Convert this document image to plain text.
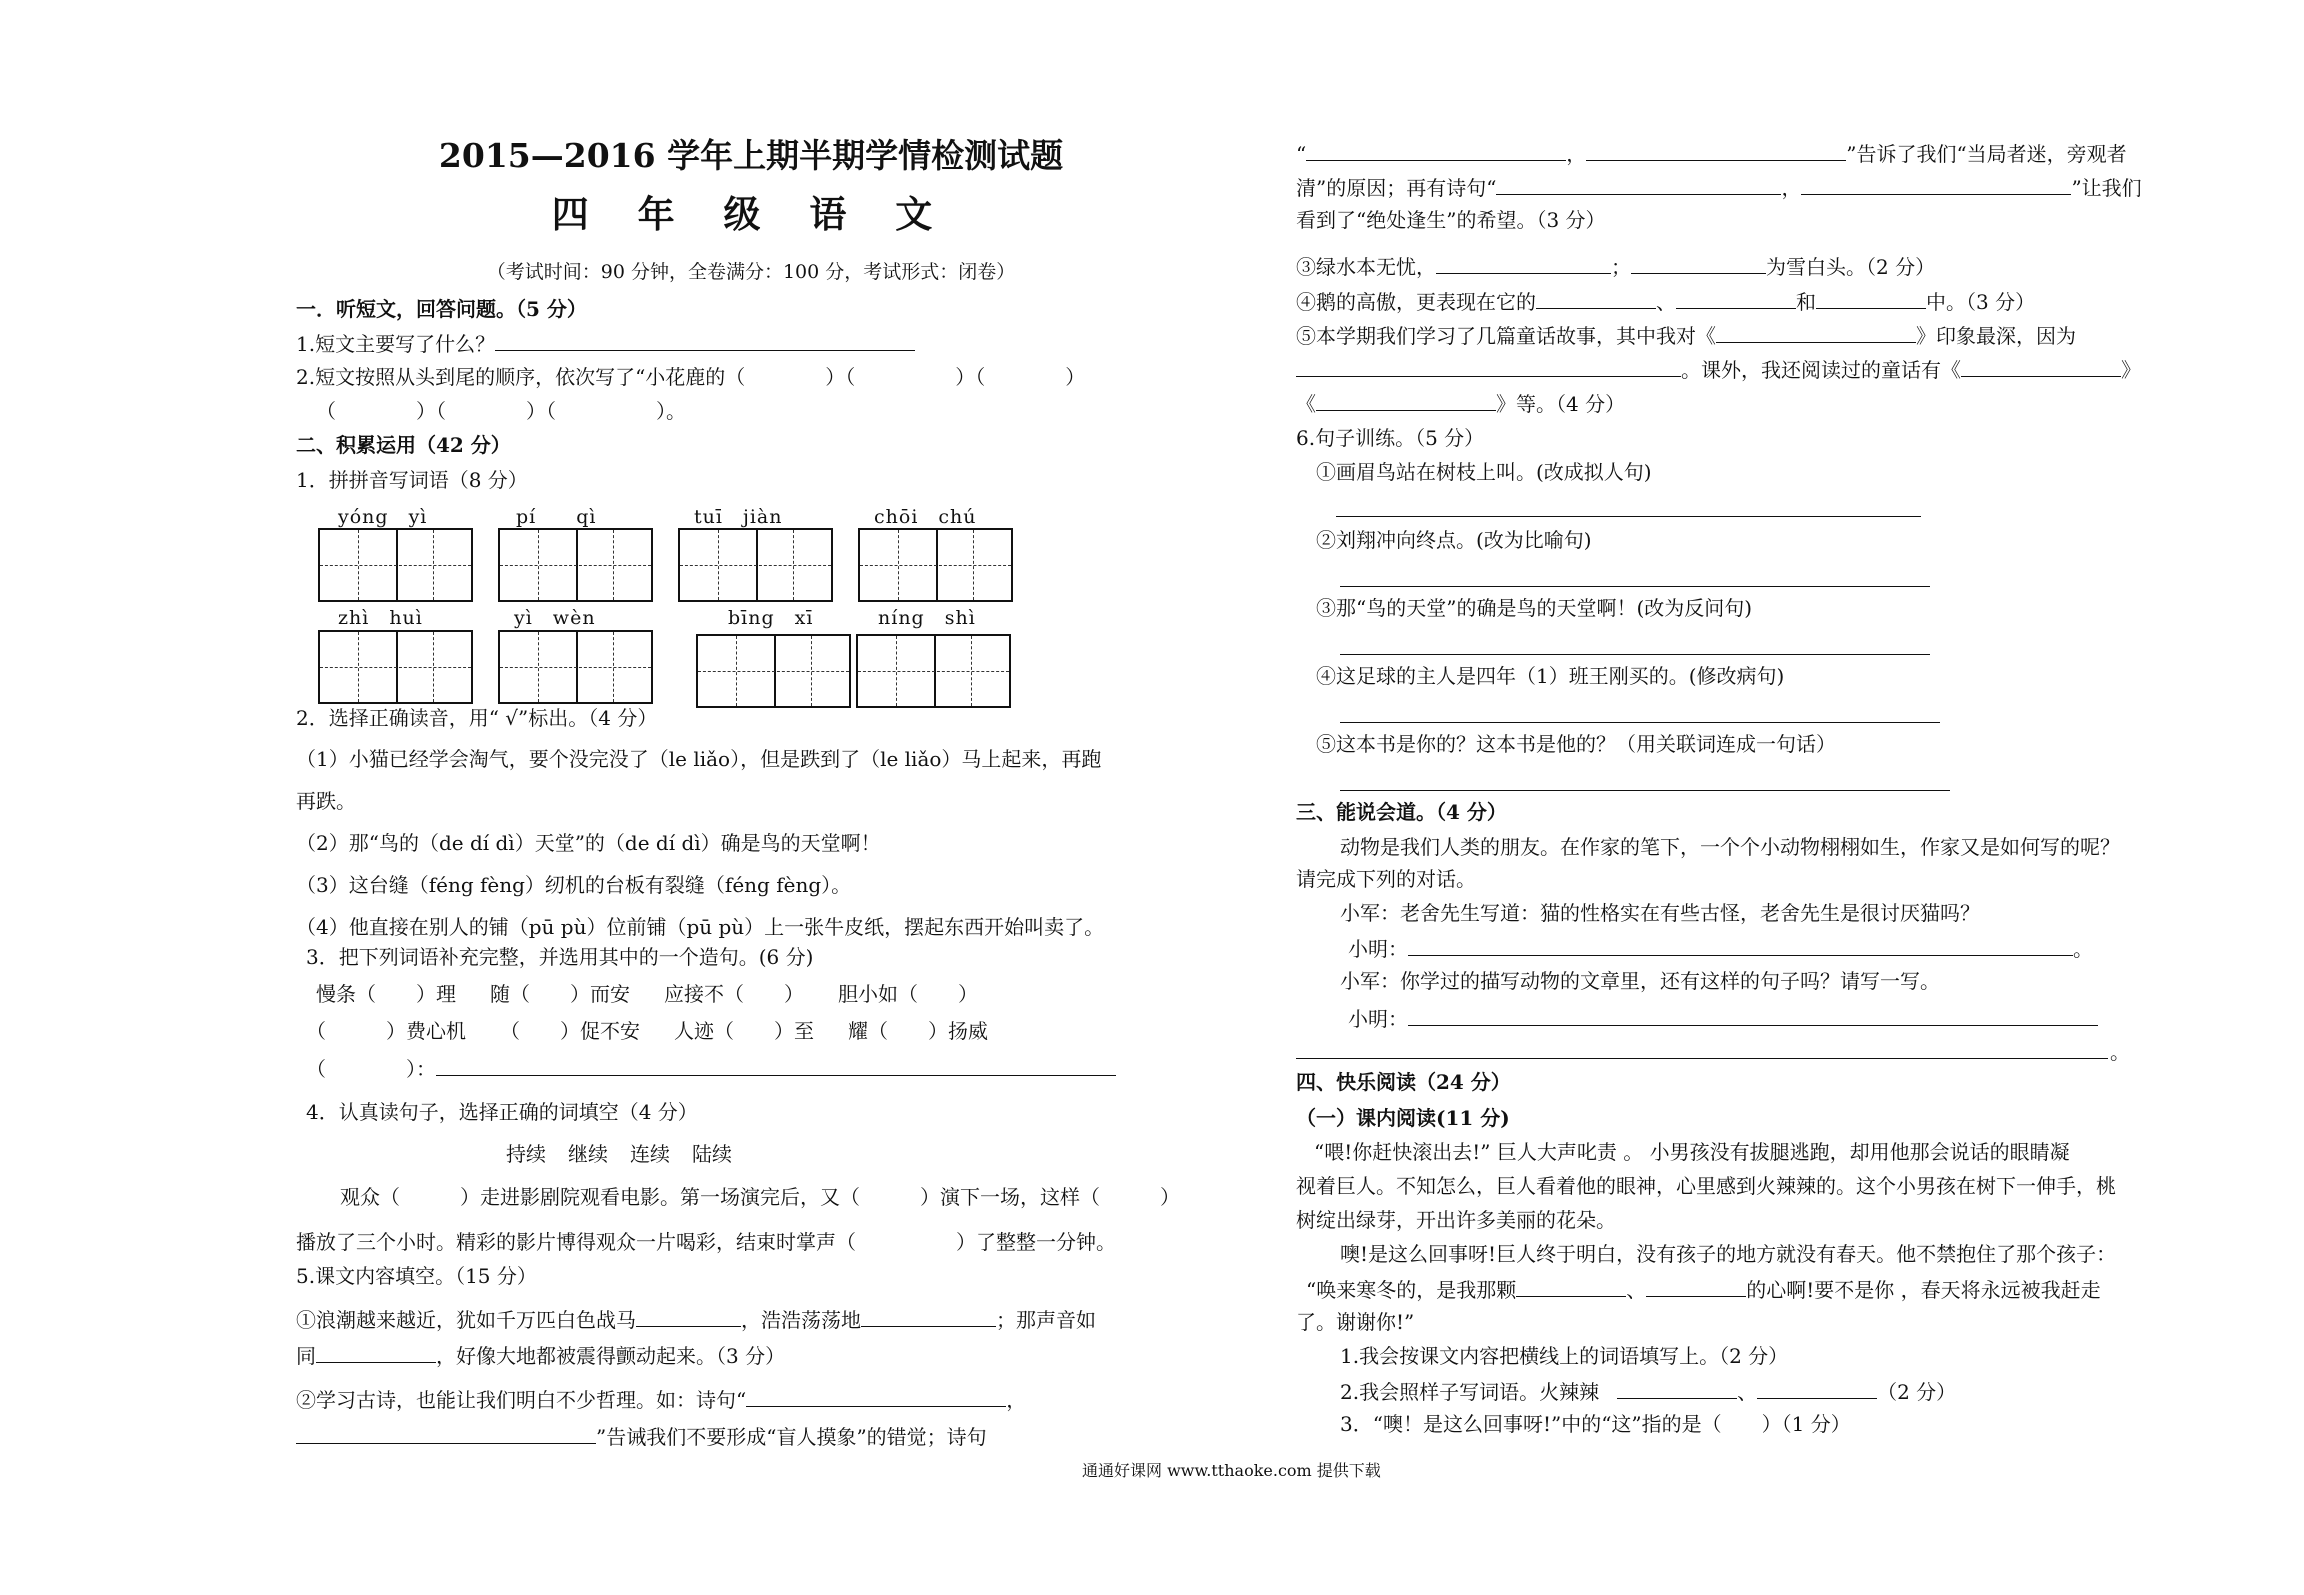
2015—2016 学年上期半期学情检测试题
四 年 级 语 文
（考试时间：90 分钟，全卷满分：100 分，考试形式：闭卷）
一．听短文，回答问题。（5 分）
1.短文主要写了什么？
2.短文按照从头到尾的顺序，依次写了“小花鹿的（　　　　）（　　　　　）（　　　　）
（　　　　）（　　　　）（　　　　　）。
二、积累运用（42 分）
1．拼拼音写词语（8 分）
yóng　yì	pí　　qì	tuī　jiàn	chōi　chú
zhì　huì	yì　wèn	bīng　xī	níng　shì
2．选择正确读音，用“ √”标出。（4 分）
（1）小猫已经学会淘气，要个没完没了（le liǎo），但是跌到了（le liǎo）马上起来，再跑
再跌。
（2）那“鸟的（de dí dì）天堂”的（de dí dì）确是鸟的天堂啊！
（3）这台缝（féng fèng）纫机的台板有裂缝（féng fèng）。
（4）他直接在别人的铺（pū pù）位前铺（pū pù）上一张牛皮纸，摆起东西开始叫卖了。
3．把下列词语补充完整，并选用其中的一个造句。(6 分)
慢条（　　）理 随（　　）而安 应接不（　　） 胆小如（　　）
（　　　）费心机 （　　）促不安 人迹（　　）至 耀（　　）扬威
（　　　　）：
4．认真读句子，选择正确的词填空（4 分）
持续 继续 连续 陆续
观众（　　　）走进影剧院观看电影。第一场演完后，又（　　　）演下一场，这样（　　　）
播放了三个小时。精彩的影片博得观众一片喝彩，结束时掌声（　　　　　）了整整一分钟。
5.课文内容填空。（15 分）
①浪潮越来越近，犹如千万匹白色战马	，浩浩荡荡地	；那声音如
同	，好像大地都被震得颤动起来。（3 分）
②学习古诗，也能让我们明白不少哲理。如：诗句“	，
”告诫我们不要形成“盲人摸象”的错觉；诗句
“	，	”告诉了我们“当局者迷，旁观者
清”的原因；再有诗句“	，	”让我们
看到了“绝处逢生”的希望。（3 分）
③绿水本无忧，	；	为雪白头。（2 分）
④鹅的高傲，更表现在它的	、	和	中。（3 分）
⑤本学期我们学习了几篇童话故事，其中我对《	》印象最深，因为
。课外，我还阅读过的童话有《	》
《	》等。（4 分）
6.句子训练。（5 分）
①画眉鸟站在树枝上叫。(改成拟人句)
②刘翔冲向终点。(改为比喻句)
③那“鸟的天堂”的确是鸟的天堂啊！(改为反问句)
④这足球的主人是四年（1）班王刚买的。(修改病句)
⑤这本书是你的？这本书是他的？（用关联词连成一句话）
三、能说会道。（4 分）
动物是我们人类的朋友。在作家的笔下，一个个小动物栩栩如生，作家又是如何写的呢？
请完成下列的对话。
小军：老舍先生写道：猫的性格实在有些古怪，老舍先生是很讨厌猫吗？
小明：	。
小军：你学过的描写动物的文章里，还有这样的句子吗？请写一写。
小明：
。
四、快乐阅读（24 分）
（一）课内阅读(11 分)
“喂!你赶快滚出去!” 巨人大声叱责 。 小男孩没有拔腿逃跑，却用他那会说话的眼睛凝
视着巨人。不知怎么，巨人看着他的眼神，心里感到火辣辣的。这个小男孩在树下一伸手，桃
树绽出绿芽，开出许多美丽的花朵。
噢!是这么回事呀!巨人终于明白，没有孩子的地方就没有春天。他不禁抱住了那个孩子：
“唤来寒冬的，是我那颗	、	的心啊!要不是你 ，春天将永远被我赶走
了。谢谢你!”
1.我会按课文内容把横线上的词语填写上。（2 分）
2.我会照样子写词语。火辣辣	、	（2 分）
3．“噢！是这么回事呀!”中的“这”指的是（　　）（1 分）
通通好课网 www.tthaoke.com 提供下载
